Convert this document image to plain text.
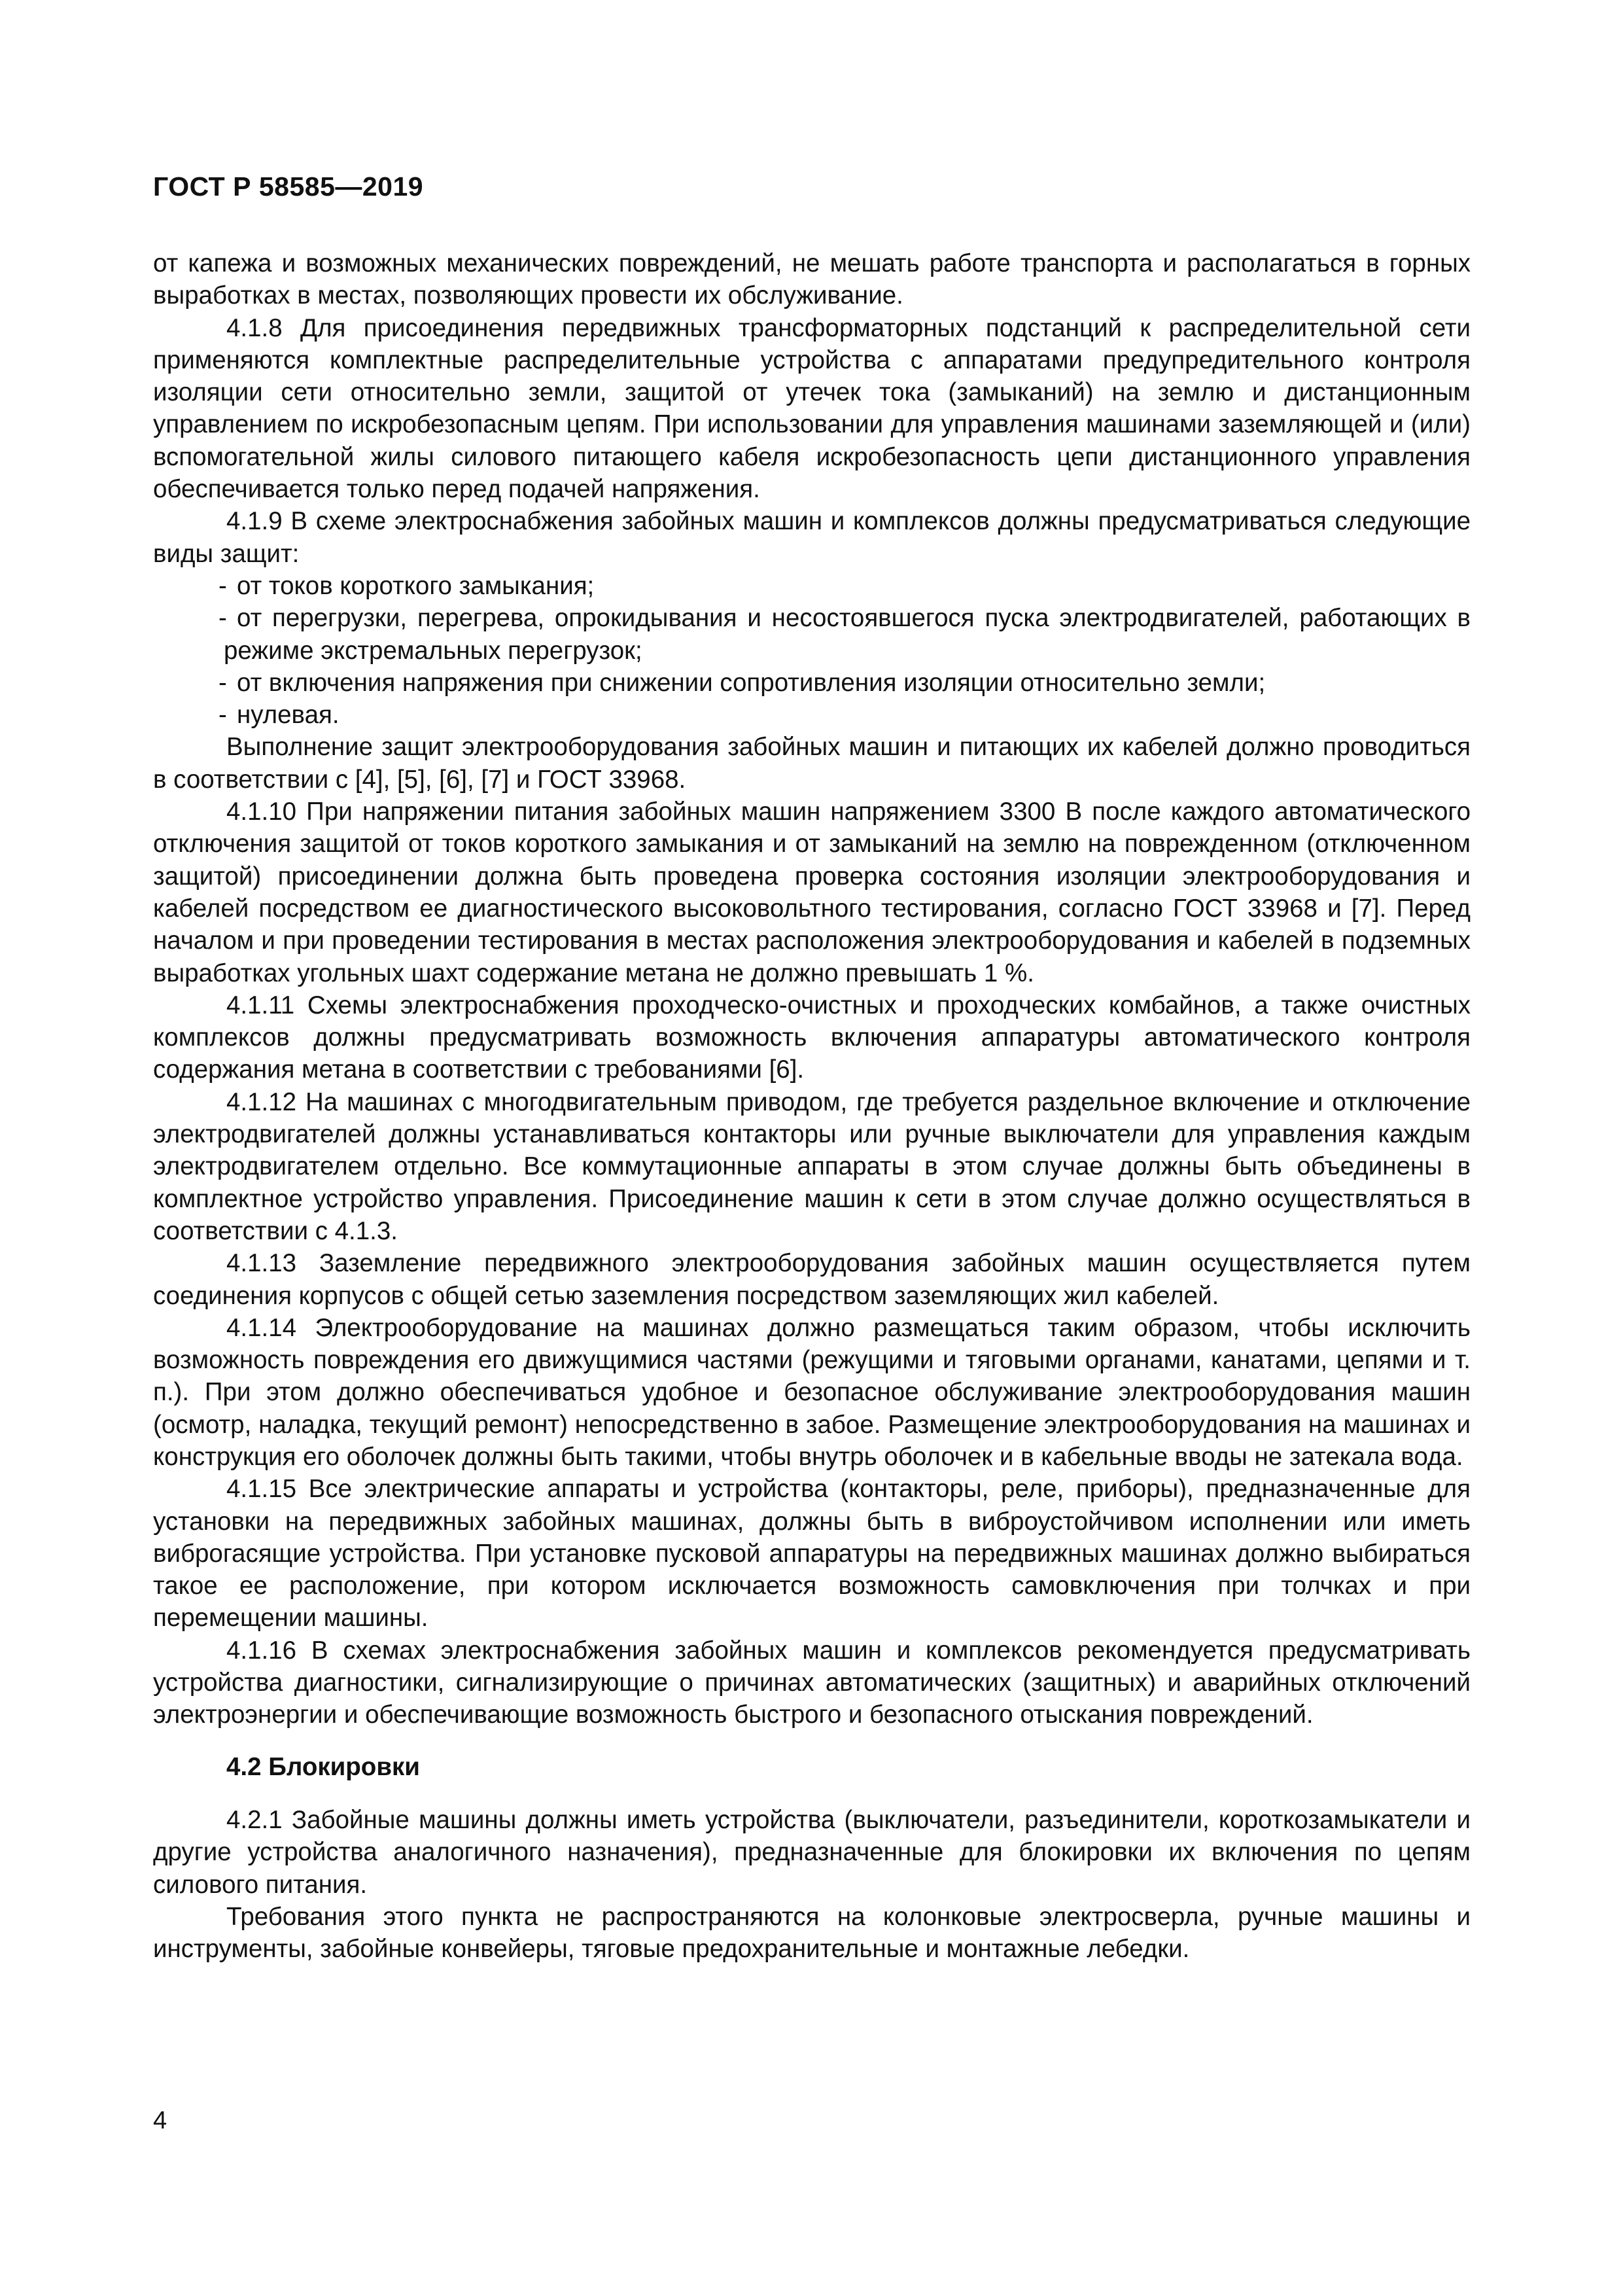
ГОСТ Р 58585—2019

от капежа и возможных механических повреждений, не мешать работе транспорта и располагаться в горных выработках в местах, позволяющих провести их обслуживание.

4.1.8 Для присоединения передвижных трансформаторных подстанций к распределительной сети применяются комплектные распределительные устройства с аппаратами предупредительного контроля изоляции сети относительно земли, защитой от утечек тока (замыканий) на землю и дистанционным управлением по искробезопасным цепям. При использовании для управления машинами заземляющей и (или) вспомогательной жилы силового питающего кабеля искробезопасность цепи дистанционного управления обеспечивается только перед подачей напряжения.

4.1.9 В схеме электроснабжения забойных машин и комплексов должны предусматриваться следующие виды защит:

- от токов короткого замыкания;

- от перегрузки, перегрева, опрокидывания и несостоявшегося пуска электродвигателей, работающих в режиме экстремальных перегрузок;

- от включения напряжения при снижении сопротивления изоляции относительно земли;

- нулевая.

Выполнение защит электрооборудования забойных машин и питающих их кабелей должно проводиться в соответствии с [4], [5], [6], [7] и ГОСТ 33968.

4.1.10 При напряжении питания забойных машин напряжением 3300 В после каждого автоматического отключения защитой от токов короткого замыкания и от замыканий на землю на поврежденном (отключенном защитой) присоединении должна быть проведена проверка состояния изоляции электрооборудования и кабелей посредством ее диагностического высоковольтного тестирования, согласно ГОСТ 33968 и [7]. Перед началом и при проведении тестирования в местах расположения электрооборудования и кабелей в подземных выработках угольных шахт содержание метана не должно превышать 1 %.

4.1.11 Схемы электроснабжения проходческо-очистных и проходческих комбайнов, а также очистных комплексов должны предусматривать возможность включения аппаратуры автоматического контроля содержания метана в соответствии с требованиями [6].

4.1.12 На машинах с многодвигательным приводом, где требуется раздельное включение и отключение электродвигателей должны устанавливаться контакторы или ручные выключатели для управления каждым электродвигателем отдельно. Все коммутационные аппараты в этом случае должны быть объединены в комплектное устройство управления. Присоединение машин к сети в этом случае должно осуществляться в соответствии с 4.1.3.

4.1.13 Заземление передвижного электрооборудования забойных машин осуществляется путем соединения корпусов с общей сетью заземления посредством заземляющих жил кабелей.

4.1.14 Электрооборудование на машинах должно размещаться таким образом, чтобы исключить возможность повреждения его движущимися частями (режущими и тяговыми органами, канатами, цепями и т. п.). При этом должно обеспечиваться удобное и безопасное обслуживание электрооборудования машин (осмотр, наладка, текущий ремонт) непосредственно в забое. Размещение электрооборудования на машинах и конструкция его оболочек должны быть такими, чтобы внутрь оболочек и в кабельные вводы не затекала вода.

4.1.15 Все электрические аппараты и устройства (контакторы, реле, приборы), предназначенные для установки на передвижных забойных машинах, должны быть в виброустойчивом исполнении или иметь виброгасящие устройства. При установке пусковой аппаратуры на передвижных машинах должно выбираться такое ее расположение, при котором исключается возможность самовключения при толчках и при перемещении машины.

4.1.16 В схемах электроснабжения забойных машин и комплексов рекомендуется предусматривать устройства диагностики, сигнализирующие о причинах автоматических (защитных) и аварийных отключений электроэнергии и обеспечивающие возможность быстрого и безопасного отыскания повреждений.

4.2 Блокировки

4.2.1 Забойные машины должны иметь устройства (выключатели, разъединители, короткозамыкатели и другие устройства аналогичного назначения), предназначенные для блокировки их включения по цепям силового питания.

Требования этого пункта не распространяются на колонковые электросверла, ручные машины и инструменты, забойные конвейеры, тяговые предохранительные и монтажные лебедки.

4
